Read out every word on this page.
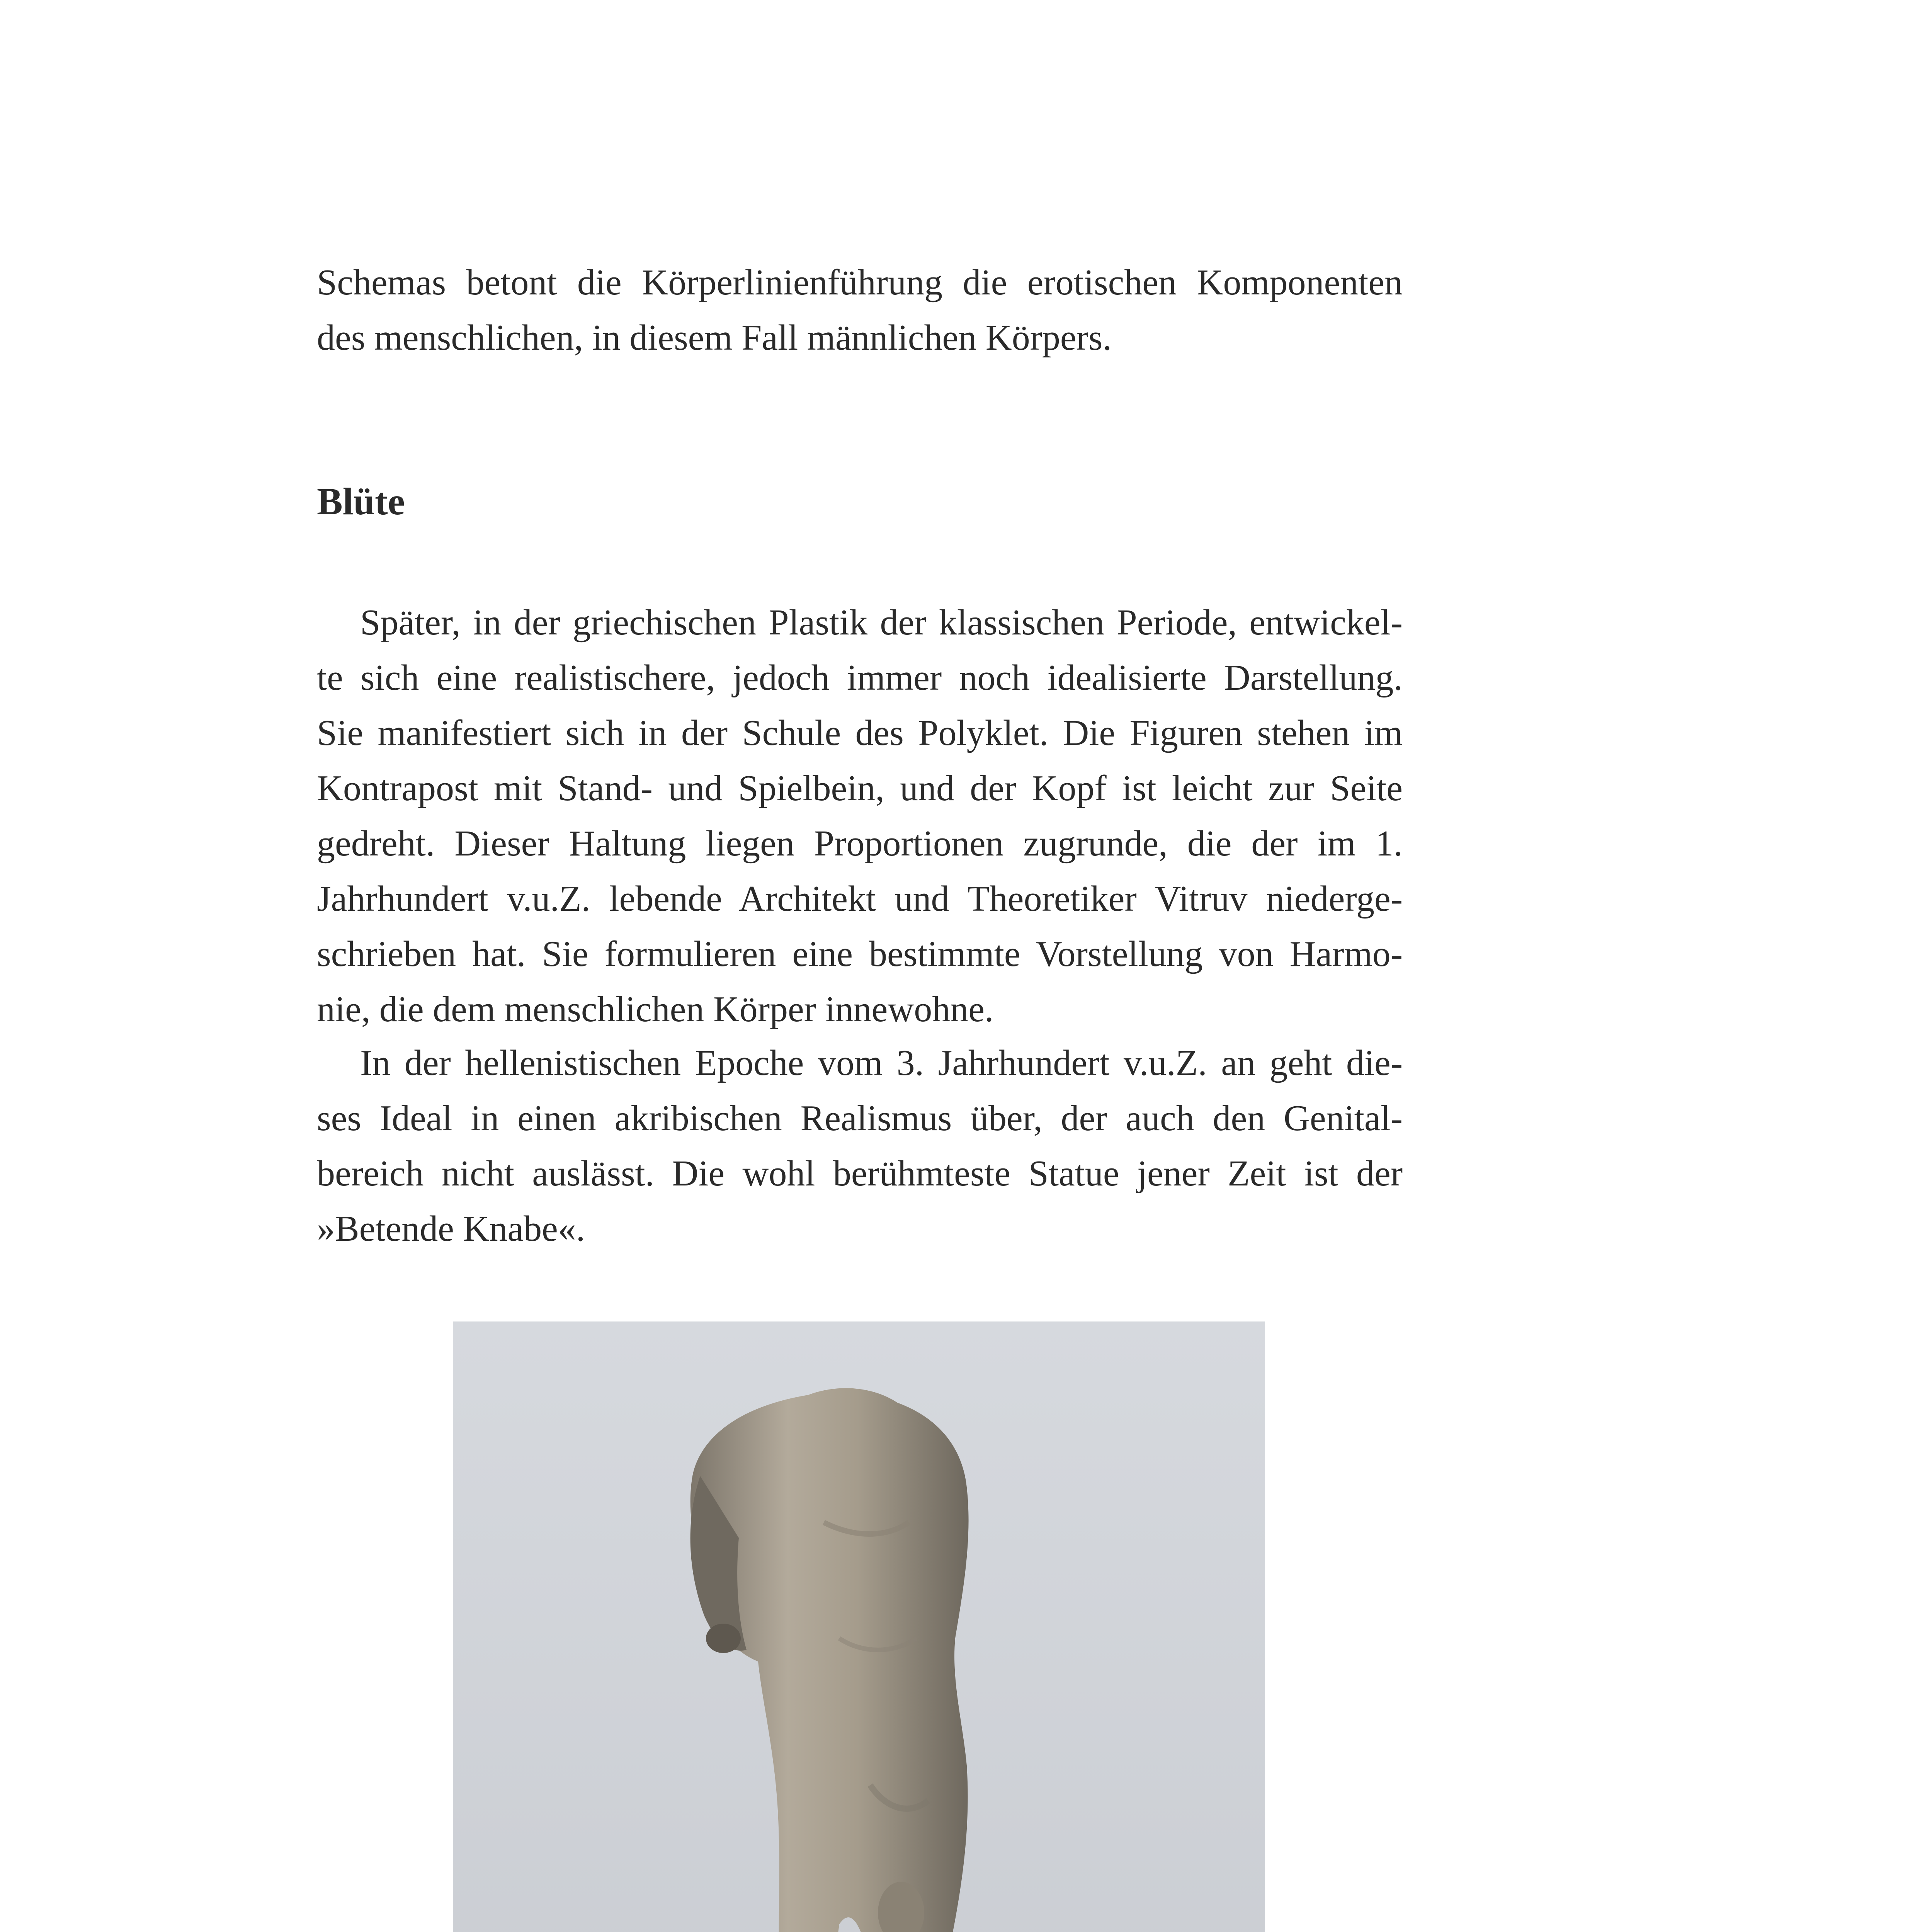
Schemas betont die Körperlinienführung die erotischen Komponenten
des menschlichen, in diesem Fall männlichen Körpers.

Blüte

Später, in der griechischen Plastik der klassischen Periode, entwickel-
te sich eine realistischere, jedoch immer noch idealisierte Darstellung.
Sie manifestiert sich in der Schule des Polyklet. Die Figuren stehen im
Kontrapost mit Stand- und Spielbein, und der Kopf ist leicht zur Seite
gedreht. Dieser Haltung liegen Proportionen zugrunde, die der im 1.
Jahrhundert v.u.Z. lebende Architekt und Theoretiker Vitruv niederge-
schrieben hat. Sie formulieren eine bestimmte Vorstellung von Harmo-
nie, die dem menschlichen Körper innewohne.

In der hellenistischen Epoche vom 3. Jahrhundert v.u.Z. an geht die-
ses Ideal in einen akribischen Realismus über, der auch den Genital-
bereich nicht auslässt. Die wohl berühmteste Statue jener Zeit ist der
»Betende Knabe«.
